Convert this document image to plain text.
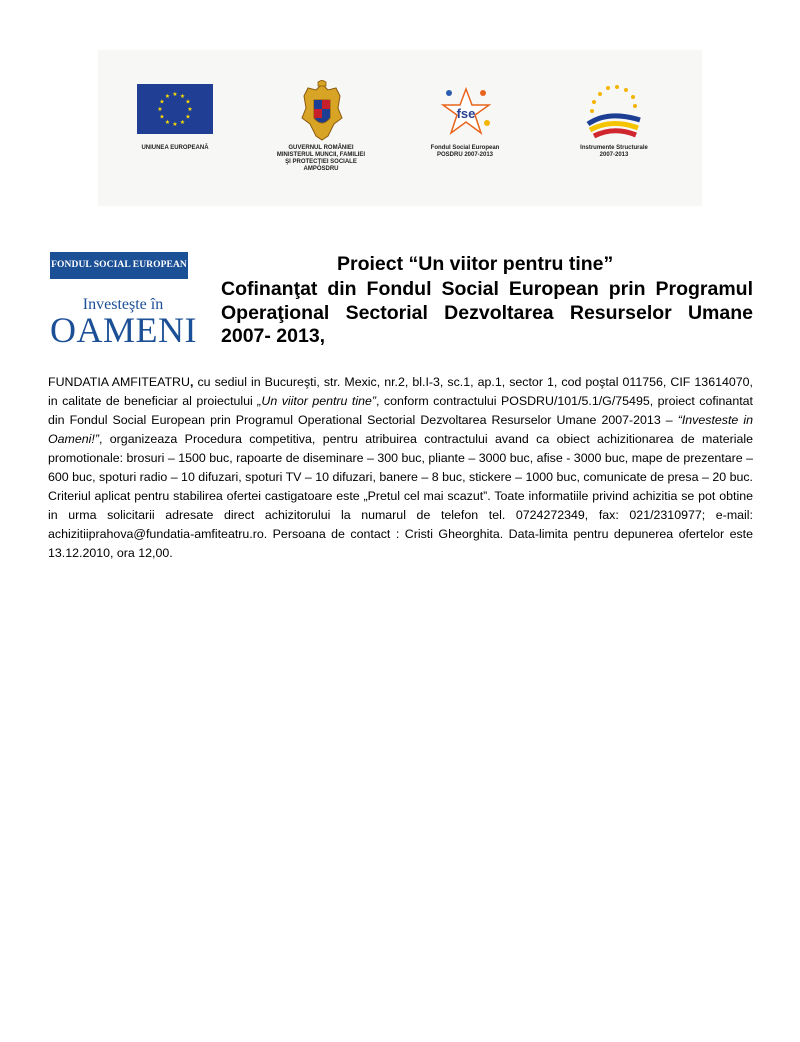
★ ★
★
★
★
★
★
★
★
★
★
★
UNIUNEA EUROPEANĂ	GUVERNUL ROMÂNIEI
MINISTERUL MUNCII, FAMILIEI
ŞI PROTECŢIEI SOCIALE
AMPOSDRU
fse
Fondul Social European
POSDRU 2007-2013
Instrumente Structurale
2007-2013
FONDUL SOCIAL EUROPEAN
Investeşte în
OAMENI
Proiect “Un viitor pentru tine”
Cofinanţat din Fondul Social European prin Programul Operaţional Sectorial Dezvoltarea Resurselor Umane 2007- 2013,
FUNDATIA AMFITEATRU, cu sediul in Bucureşti, str. Mexic, nr.2, bl.I-3, sc.1, ap.1, sector 1, cod poştal 011756, CIF 13614070, in calitate de beneficiar al proiectului „Un viitor pentru tine”, conform contractului POSDRU/101/5.1/G/75495, proiect cofinantat din Fondul Social European prin Programul Operational Sectorial Dezvoltarea Resurselor Umane 2007-2013 – “Investeste in Oameni!”, organizeaza Procedura competitiva, pentru atribuirea contractului avand ca obiect achizitionarea de materiale promotionale: brosuri – 1500 buc, rapoarte de diseminare – 300 buc, pliante – 3000 buc, afise - 3000 buc, mape de prezentare – 600 buc, spoturi radio – 10 difuzari, spoturi TV – 10 difuzari, banere – 8 buc, stickere – 1000 buc, comunicate de presa – 20 buc. Criteriul aplicat pentru stabilirea ofertei castigatoare este „Pretul cel mai scazut”. Toate informatiile privind achizitia se pot obtine in urma solicitarii adresate direct achizitorului la numarul de telefon tel. 0724272349, fax: 021/2310977; e-mail: achizitiiprahova@fundatia-amfiteatru.ro. Persoana de contact : Cristi Gheorghita. Data-limita pentru depunerea ofertelor este 13.12.2010, ora 12,00.
